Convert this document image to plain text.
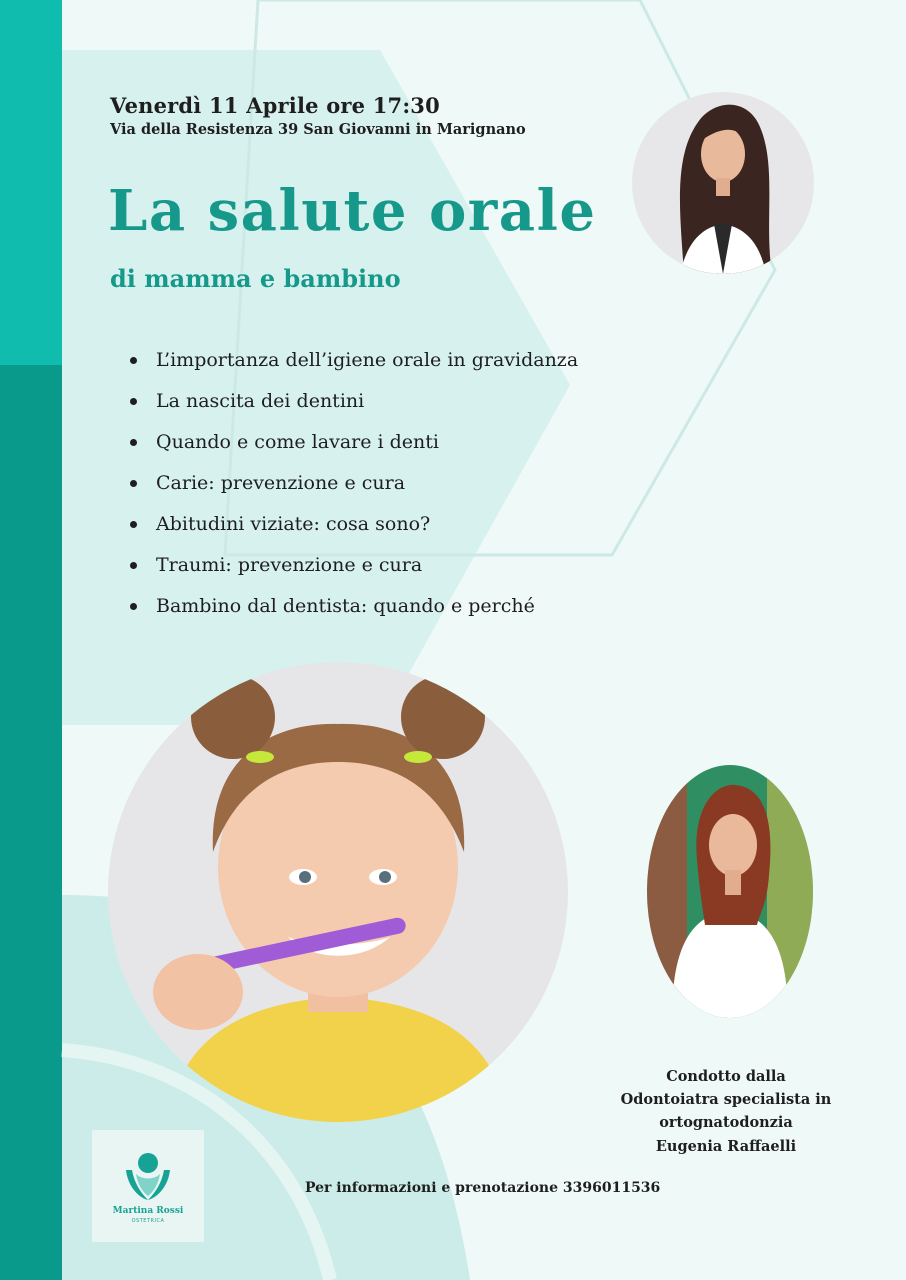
Venerdì 11 Aprile ore 17:30
Via della Resistenza 39 San Giovanni in Marignano
La salute orale
di mamma e bambino
L’importanza dell’igiene orale in gravidanza
La nascita dei dentini
Quando e come lavare i denti
Carie: prevenzione e cura
Abitudini viziate: cosa sono?
Traumi: prevenzione e cura
Bambino dal dentista: quando e perché
Condotto dalla
Odontoiatra specialista in ortognatodonzia
Eugenia Raffaelli
Per informazioni e prenotazione 3396011536
Martina Rossi
OSTETRICA
